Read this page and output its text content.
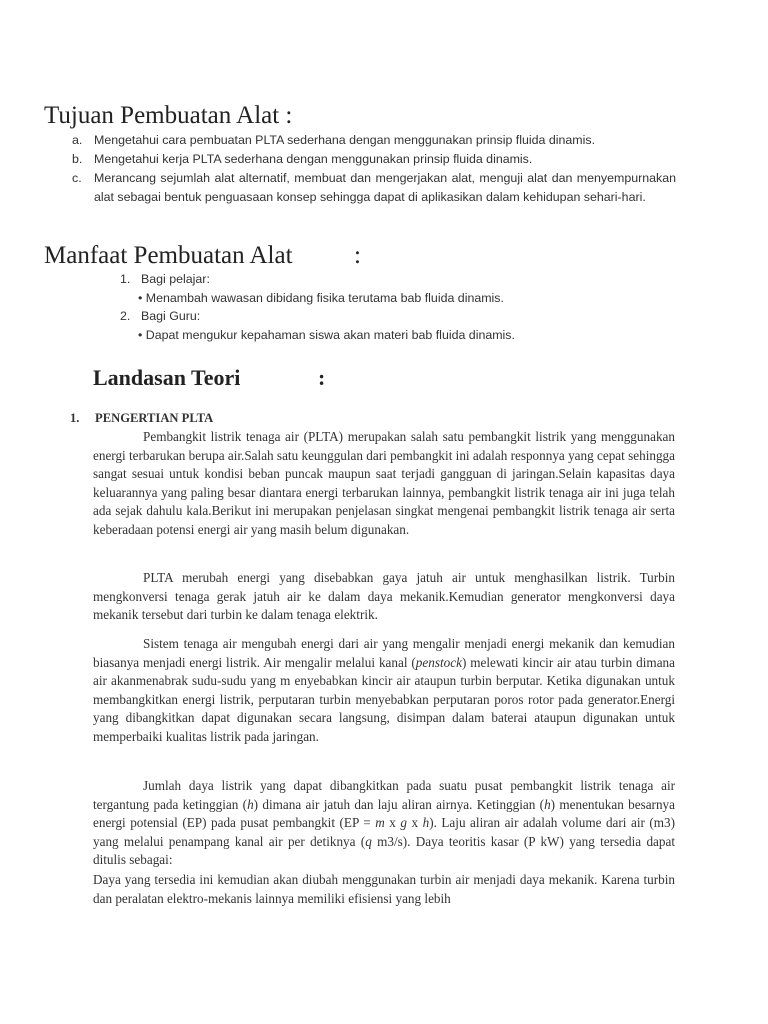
Tujuan Pembuatan Alat :
a. Mengetahui cara pembuatan PLTA sederhana dengan menggunakan prinsip fluida dinamis.
b. Mengetahui kerja PLTA sederhana dengan menggunakan prinsip fluida dinamis.
c. Merancang sejumlah alat alternatif, membuat dan mengerjakan alat, menguji alat dan menyempurnakan alat sebagai bentuk penguasaan konsep sehingga dapat di aplikasikan dalam kehidupan sehari-hari.
Manfaat Pembuatan Alat :
1. Bagi pelajar:
• Menambah wawasan dibidang fisika terutama bab fluida dinamis.
2. Bagi Guru:
• Dapat mengukur kepahaman siswa akan materi bab fluida dinamis.
Landasan Teori	:
1. PENGERTIAN PLTA
Pembangkit listrik tenaga air (PLTA) merupakan salah satu pembangkit listrik yang menggunakan energi terbarukan berupa air.Salah satu keunggulan dari pembangkit ini adalah responnya yang cepat sehingga sangat sesuai untuk kondisi beban puncak maupun saat terjadi gangguan di jaringan.Selain kapasitas daya keluarannya yang paling besar diantara energi terbarukan lainnya, pembangkit listrik tenaga air ini juga telah ada sejak dahulu kala.Berikut ini merupakan penjelasan singkat mengenai pembangkit listrik tenaga air serta keberadaan potensi energi air yang masih belum digunakan.
PLTA merubah energi yang disebabkan gaya jatuh air untuk menghasilkan listrik. Turbin mengkonversi tenaga gerak jatuh air ke dalam daya mekanik.Kemudian generator mengkonversi daya mekanik tersebut dari turbin ke dalam tenaga elektrik.
Sistem tenaga air mengubah energi dari air yang mengalir menjadi energi mekanik dan kemudian biasanya menjadi energi listrik. Air mengalir melalui kanal (penstock) melewati kincir air atau turbin dimana air akanmenabrak sudu-sudu yang m enyebabkan kincir air ataupun turbin berputar. Ketika digunakan untuk membangkitkan energi listrik, perputaran turbin menyebabkan perputaran poros rotor pada generator.Energi yang dibangkitkan dapat digunakan secara langsung, disimpan dalam baterai ataupun digunakan untuk memperbaiki kualitas listrik pada jaringan.
Jumlah daya listrik yang dapat dibangkitkan pada suatu pusat pembangkit listrik tenaga air tergantung pada ketinggian (h) dimana air jatuh dan laju aliran airnya. Ketinggian (h) menentukan besarnya energi potensial (EP) pada pusat pembangkit (EP = m x g x h). Laju aliran air adalah volume dari air (m3) yang melalui penampang kanal air per detiknya (q m3/s). Daya teoritis kasar (P kW) yang tersedia dapat ditulis sebagai:
Daya yang tersedia ini kemudian akan diubah menggunakan turbin air menjadi daya mekanik. Karena turbin dan peralatan elektro-mekanis lainnya memiliki efisiensi yang lebih
